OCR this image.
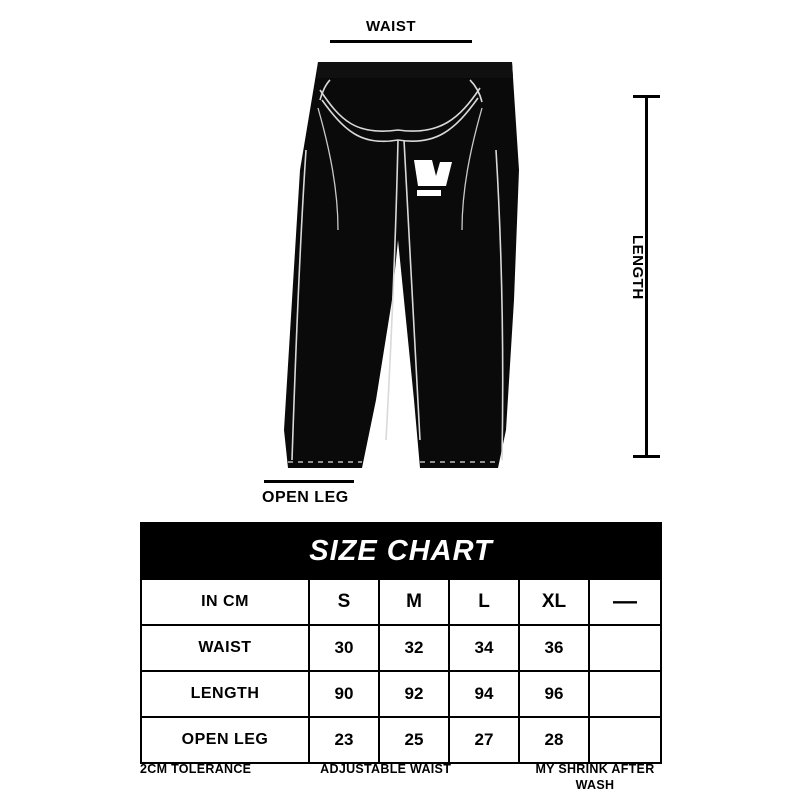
WAIST
LENGTH
OPEN LEG
SIZE CHART					
IN CM	S	M	L	XL	—
WAIST	30	32	34	36	
LENGTH	90	92	94	96	
OPEN LEG	23	25	27	28	
2CM TOLERANCE	ADJUSTABLE WAIST	MY SHRINK AFTER WASH
